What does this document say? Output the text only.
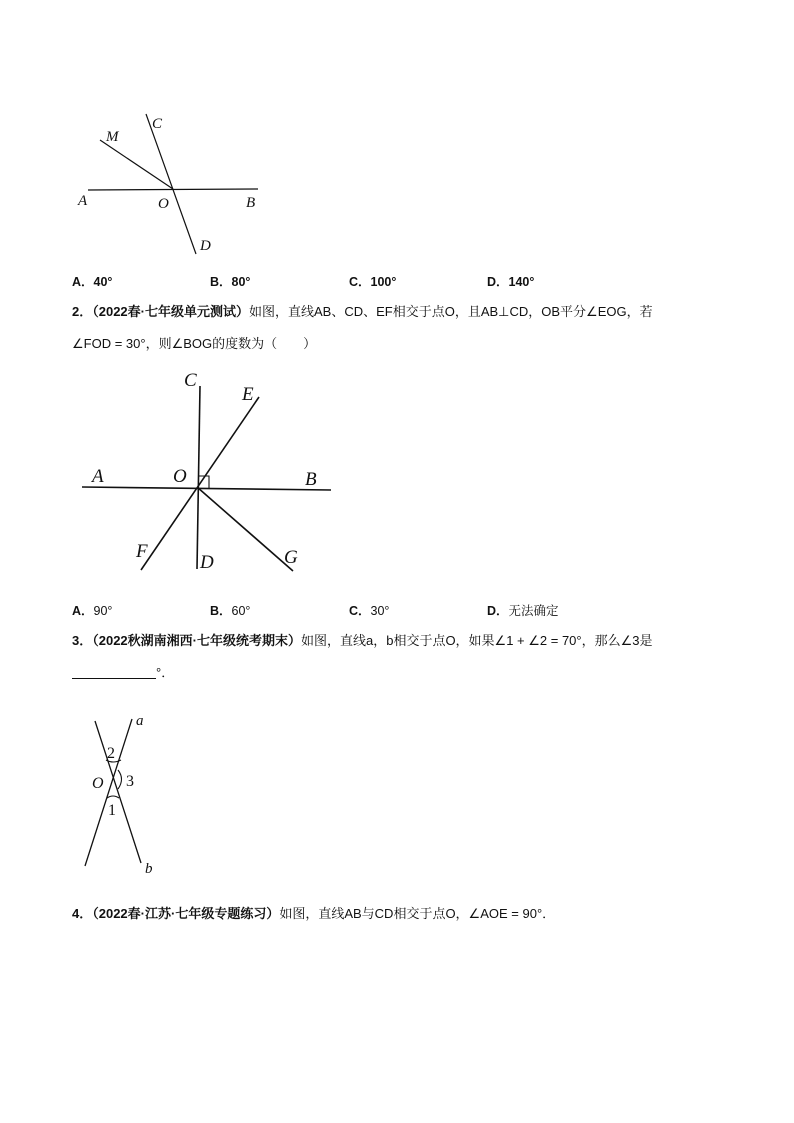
M
C
A	O	B
D
A．40°	B．80°	C．100°	D．140°
2．（2022春·七年级单元测试）如图，直线AB、CD、EF相交于点O，且AB⊥CD，OB平分∠EOG，若
∠FOD = 30°，则∠BOG的度数为（　　）
C
E
A	O	B
F
D	G
A．90°	B．60°	C．30°	D．无法确定
3．（2022秋湖南湘西·七年级统考期末）如图，直线a，b相交于点O，如果∠1 + ∠2 = 70°，那么∠3是
°．
a
2
O 3
1
b
4．（2022春·江苏·七年级专题练习）如图，直线AB与CD相交于点O，∠AOE = 90°．
